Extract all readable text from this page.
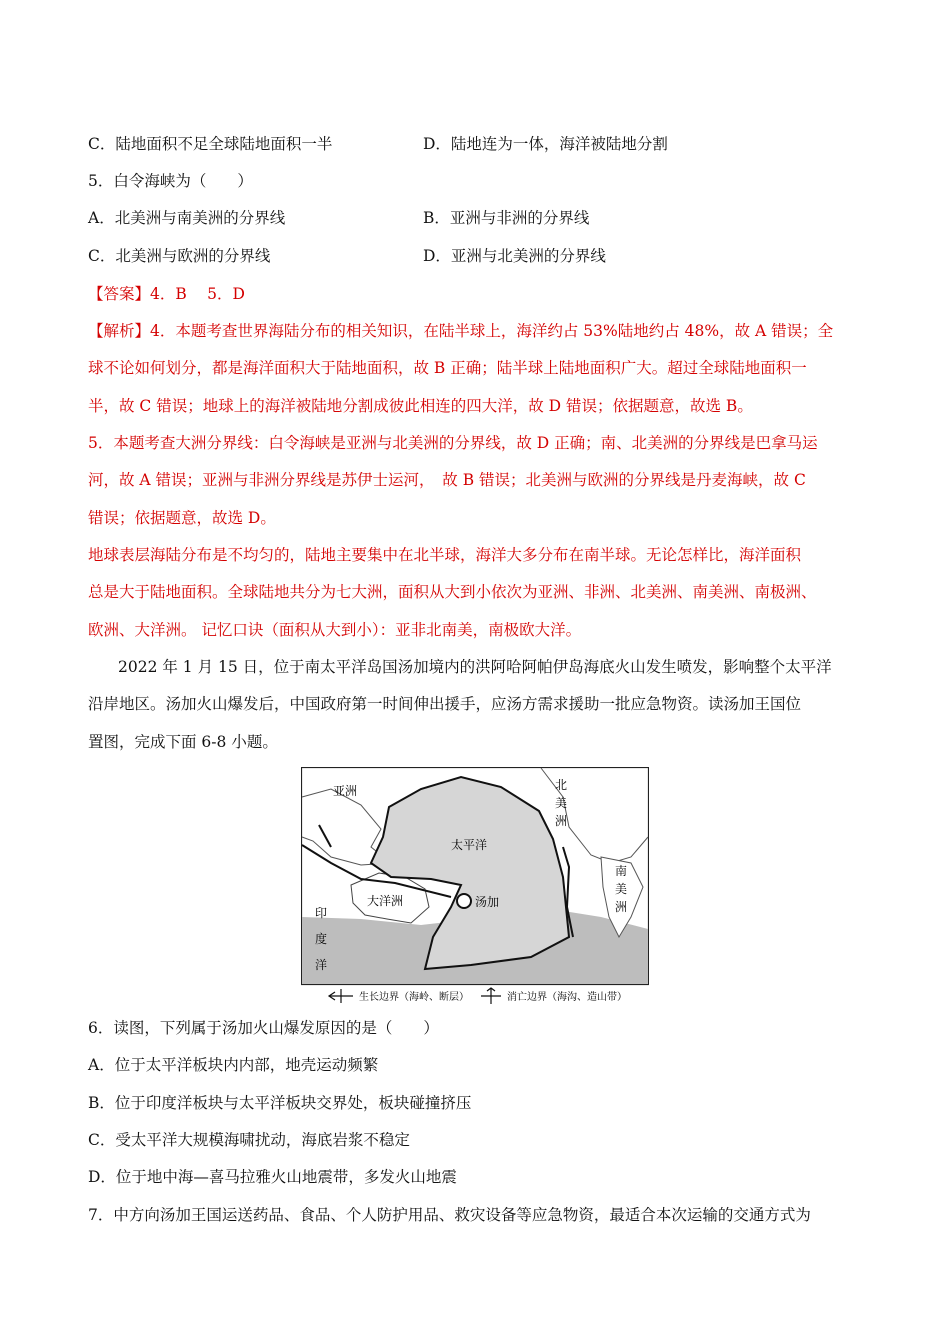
C．陆地面积不足全球陆地面积一半	D．陆地连为一体，海洋被陆地分割
5．白令海峡为（　　）
A．北美洲与南美洲的分界线	B．亚洲与非洲的分界线
C．北美洲与欧洲的分界线	D．亚洲与北美洲的分界线
【答案】4．B　 5．D
【解析】4．本题考查世界海陆分布的相关知识，在陆半球上，海洋约占 53%陆地约占 48%，故 A 错误；全
球不论如何划分，都是海洋面积大于陆地面积，故 B 正确；陆半球上陆地面积广大。超过全球陆地面积一
半，故 C 错误；地球上的海洋被陆地分割成彼此相连的四大洋，故 D 错误；依据题意，故选 B。
5．本题考查大洲分界线：白令海峡是亚洲与北美洲的分界线，故 D 正确；南、北美洲的分界线是巴拿马运
河，故 A 错误；亚洲与非洲分界线是苏伊士运河，　故 B 错误；北美洲与欧洲的分界线是丹麦海峡，故 C
错误；依据题意，故选 D。
地球表层海陆分布是不均匀的，陆地主要集中在北半球，海洋大多分布在南半球。无论怎样比，海洋面积
总是大于陆地面积。全球陆地共分为七大洲，面积从大到小依次为亚洲、非洲、北美洲、南美洲、南极洲、
欧洲、大洋洲。 记忆口诀（面积从大到小）：亚非北南美，南极欧大洋。
2022 年 1 月 15 日，位于南太平洋岛国汤加境内的洪阿哈阿帕伊岛海底火山发生喷发，影响整个太平洋
沿岸地区。汤加火山爆发后，中国政府第一时间伸出援手，应汤方需求援助一批应急物资。读汤加王国位
置图，完成下面 6-8 小题。
亚洲	北
美
洲
太平洋
南
美
洲
大洋洲	汤加
印
度
洋
生长边界（海岭、断层）	消亡边界（海沟、造山带）
6．读图，下列属于汤加火山爆发原因的是（　　）
A．位于太平洋板块内内部，地壳运动频繁
B．位于印度洋板块与太平洋板块交界处，板块碰撞挤压
C．受太平洋大规模海啸扰动，海底岩浆不稳定
D．位于地中海—喜马拉雅火山地震带，多发火山地震
7．中方向汤加王国运送药品、食品、个人防护用品、救灾设备等应急物资，最适合本次运输的交通方式为
